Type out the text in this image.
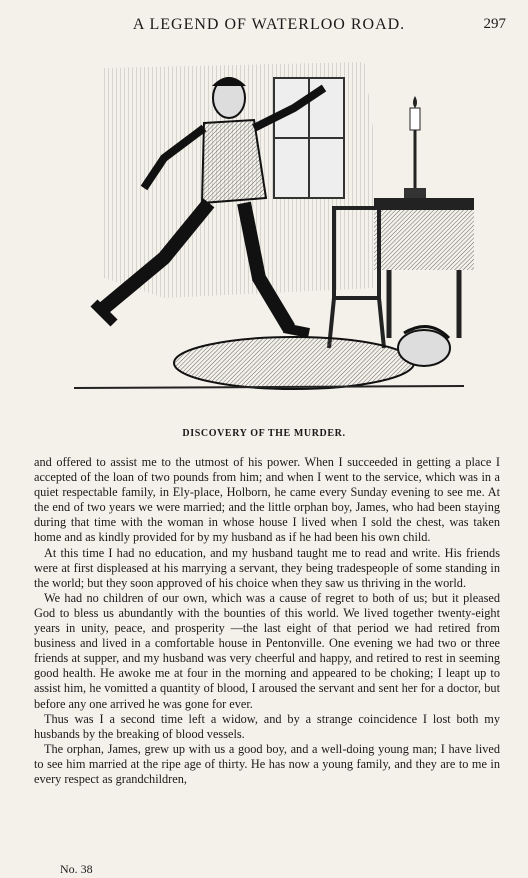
A LEGEND OF WATERLOO ROAD.	297
DISCOVERY OF THE MURDER.

and offered to assist me to the utmost of his power. When I succeeded in getting a place I accepted of the loan of two pounds from him; and when I went to the service, which was in a quiet respectable family, in Ely-place, Holborn, he came every Sunday evening to see me. At the end of two years we were married; and the little orphan boy, James, who had been staying during that time with the woman in whose house I lived when I sold the chest, was taken home and as kindly provided for by my husband as if he had been his own child.

At this time I had no education, and my husband taught me to read and write. His friends were at first displeased at his marrying a servant, they being tradespeople of some standing in the world; but they soon approved of his choice when they saw us thriving in the world.

We had no children of our own, which was a cause of regret to both of us; but it pleased God to bless us abundantly with the bounties of this world. We lived together twenty-eight years in unity, peace, and prosperity —the last eight of that period we had retired from business and lived in a comfortable house in Pentonville. One evening we had two or three friends at supper, and my husband was very cheerful and happy, and retired to rest in seeming good health. He awoke me at four in the morning and appeared to be choking; I leapt up to assist him, he vomitted a quantity of blood, I aroused the servant and sent her for a doctor, but before any one arrived he was gone for ever.

Thus was I a second time left a widow, and by a strange coincidence I lost both my husbands by the breaking of blood vessels.

The orphan, James, grew up with us a good boy, and a well-doing young man; I have lived to see him married at the ripe age of thirty. He has now a young family, and they are to me in every respect as grandchildren,

No. 38
